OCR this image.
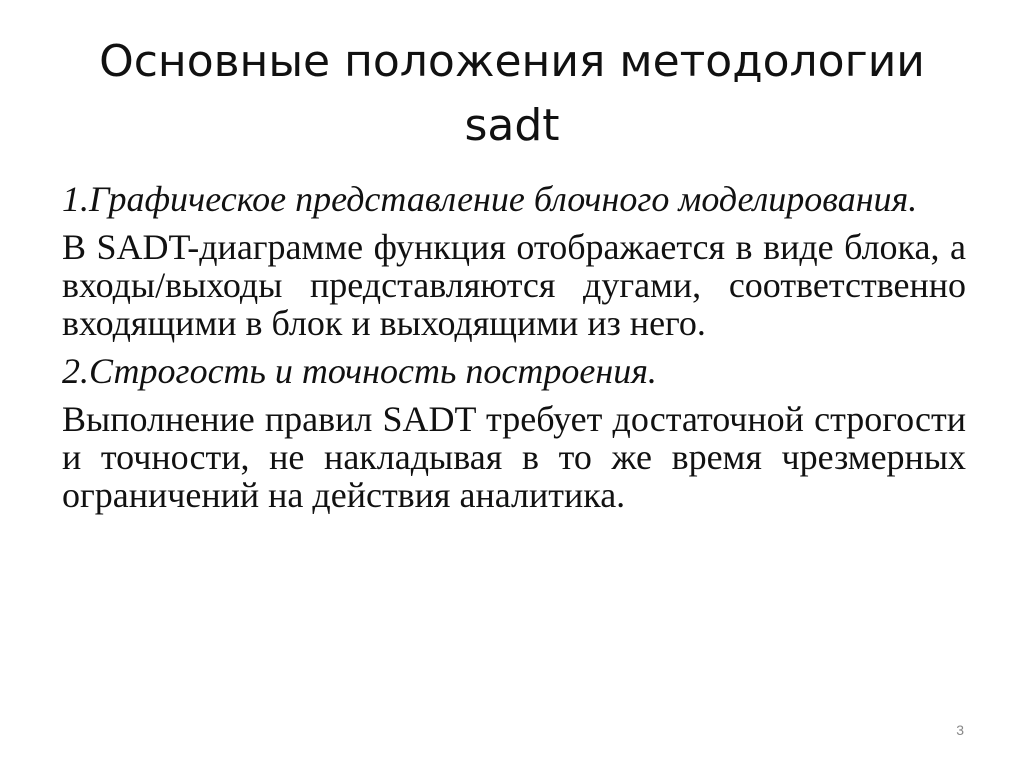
Основные положения методологии
sadt

1.Графическое представление блочного моделирования.

В SADT-диаграмме функция отображается в виде блока, а входы/выходы представляются дугами, соответственно входящими в блок и выходящими из него.

2.Строгость и точность построения.

Выполнение правил SADT требует достаточной строгости и точности, не накладывая в то же время чрезмерных ограничений на действия аналитика.

3
